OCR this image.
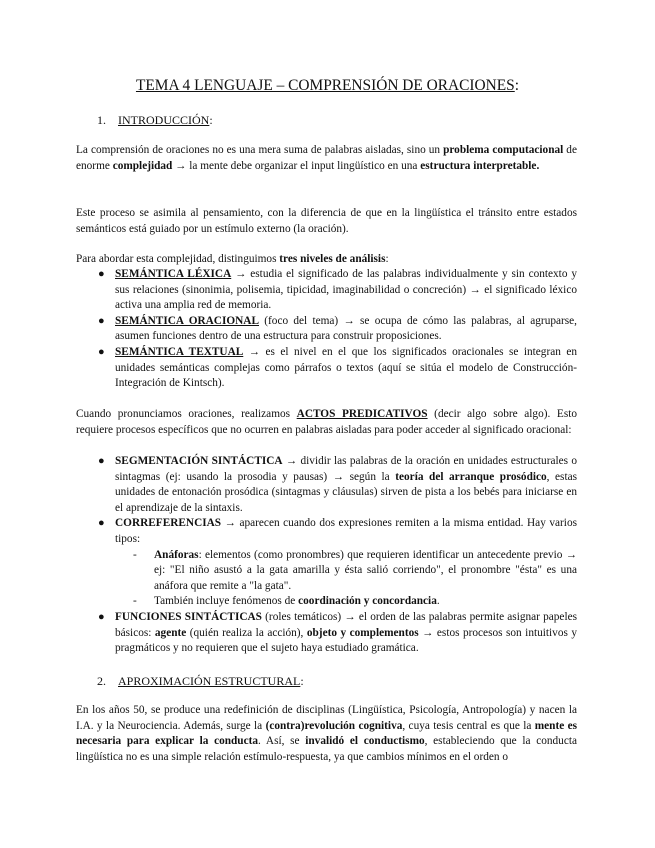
TEMA 4 LENGUAJE – COMPRENSIÓN DE ORACIONES:
1. INTRODUCCIÓN:

La comprensión de oraciones no es una mera suma de palabras aisladas, sino un problema computacional de enorme complejidad → la mente debe organizar el input lingüístico en una estructura interpretable.

Este proceso se asimila al pensamiento, con la diferencia de que en la lingüística el tránsito entre estados semánticos está guiado por un estímulo externo (la oración).

Para abordar esta complejidad, distinguimos tres niveles de análisis:

● SEMÁNTICA LÉXICA → estudia el significado de las palabras individualmente y sin contexto y sus relaciones (sinonimia, polisemia, tipicidad, imaginabilidad o concreción) → el significado léxico activa una amplia red de memoria.
● SEMÁNTICA ORACIONAL (foco del tema) → se ocupa de cómo las palabras, al agruparse, asumen funciones dentro de una estructura para construir proposiciones.
● SEMÁNTICA TEXTUAL → es el nivel en el que los significados oracionales se integran en unidades semánticas complejas como párrafos o textos (aquí se sitúa el modelo de Construcción-Integración de Kintsch).

Cuando pronunciamos oraciones, realizamos ACTOS PREDICATIVOS (decir algo sobre algo). Esto requiere procesos específicos que no ocurren en palabras aisladas para poder acceder al significado oracional:

● SEGMENTACIÓN SINTÁCTICA → dividir las palabras de la oración en unidades estructurales o sintagmas (ej: usando la prosodia y pausas) → según la teoría del arranque prosódico, estas unidades de entonación prosódica (sintagmas y cláusulas) sirven de pista a los bebés para iniciarse en el aprendizaje de la sintaxis.
● CORREFERENCIAS → aparecen cuando dos expresiones remiten a la misma entidad. Hay varios tipos:
- Anáforas: elementos (como pronombres) que requieren identificar un antecedente previo → ej: "El niño asustó a la gata amarilla y ésta salió corriendo", el pronombre "ésta" es una anáfora que remite a "la gata".
- También incluye fenómenos de coordinación y concordancia.
● FUNCIONES SINTÁCTICAS (roles temáticos) → el orden de las palabras permite asignar papeles básicos: agente (quién realiza la acción), objeto y complementos → estos procesos son intuitivos y pragmáticos y no requieren que el sujeto haya estudiado gramática.
2. APROXIMACIÓN ESTRUCTURAL:

En los años 50, se produce una redefinición de disciplinas (Lingüística, Psicología, Antropología) y nacen la I.A. y la Neurociencia. Además, surge la (contra)revolución cognitiva, cuya tesis central es que la mente es necesaria para explicar la conducta. Así, se invalidó el conductismo, estableciendo que la conducta lingüística no es una simple relación estímulo-respuesta, ya que cambios mínimos en el orden o
